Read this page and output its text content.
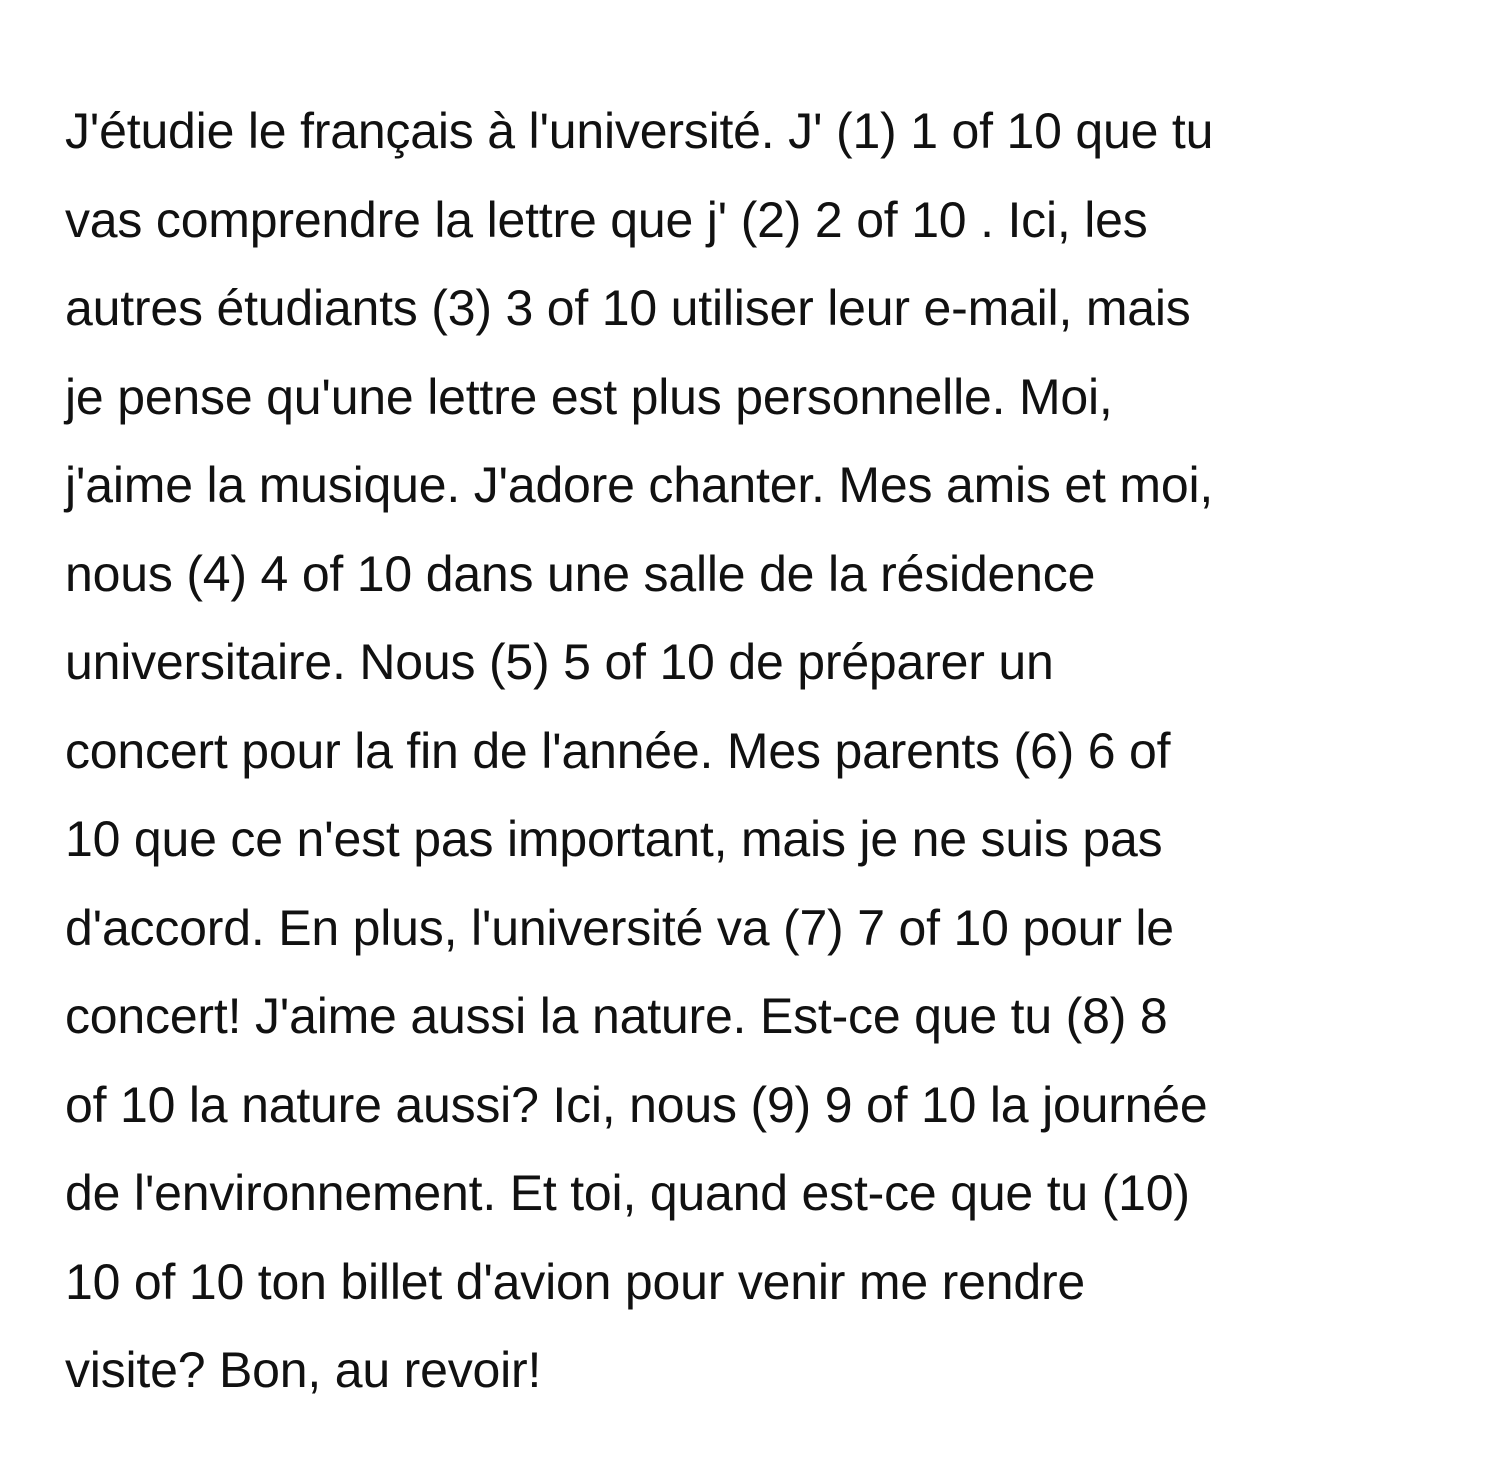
J'étudie le français à l'université. J' (1) 1 of 10 que tu
vas comprendre la lettre que j' (2) 2 of 10 . Ici, les
autres étudiants (3) 3 of 10 utiliser leur e-mail, mais
je pense qu'une lettre est plus personnelle. Moi,
j'aime la musique. J'adore chanter. Mes amis et moi,
nous (4) 4 of 10 dans une salle de la résidence
universitaire. Nous (5) 5 of 10 de préparer un
concert pour la fin de l'année. Mes parents (6) 6 of
10 que ce n'est pas important, mais je ne suis pas
d'accord. En plus, l'université va (7) 7 of 10 pour le
concert! J'aime aussi la nature. Est-ce que tu (8) 8
of 10 la nature aussi? Ici, nous (9) 9 of 10 la journée
de l'environnement. Et toi, quand est-ce que tu (10)
10 of 10 ton billet d'avion pour venir me rendre
visite? Bon, au revoir!
